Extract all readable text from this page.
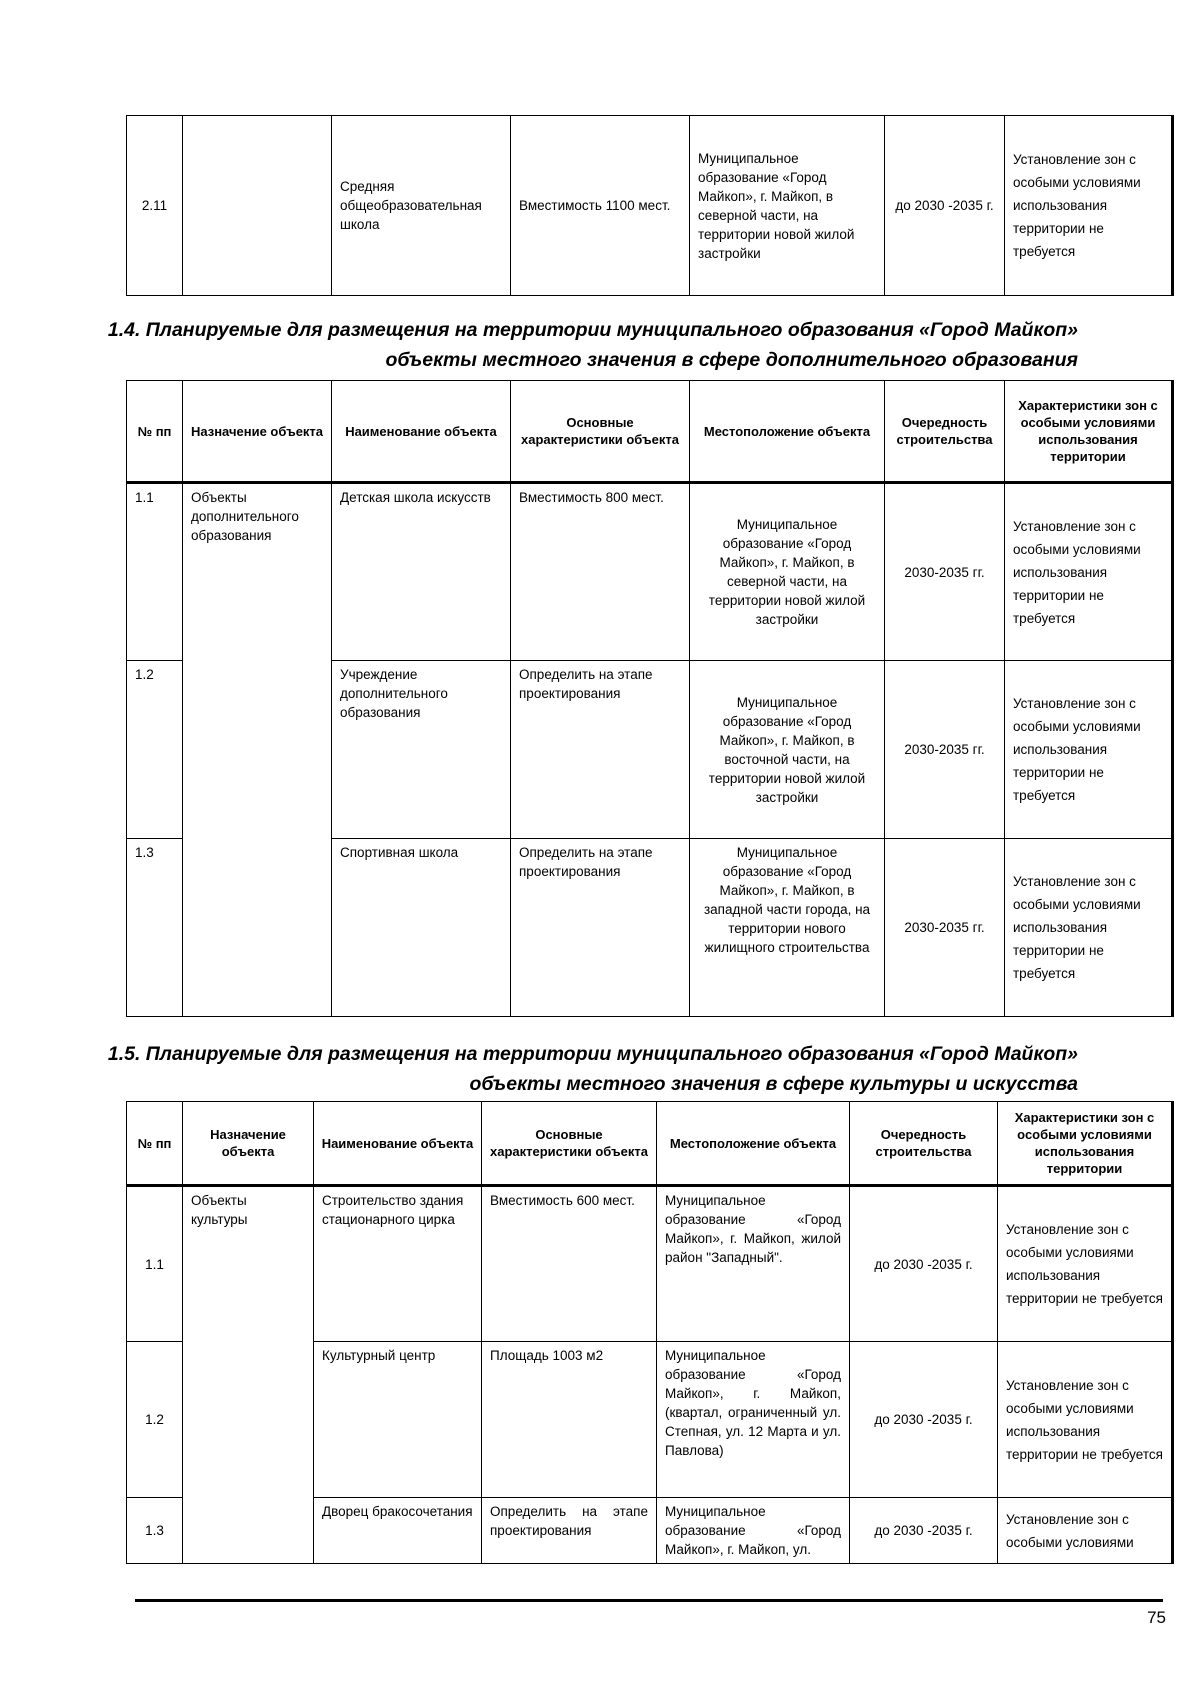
2.11		Средняя общеобразовательная школа	Вместимость 1100 мест.	Муниципальное образование «Город Майкоп», г. Майкоп, в северной части, на территории новой жилой застройки	до 2030 -2035 г.	Установление зон с особыми условиями использования территории не требуется
1.4. Планируемые для размещения на территории муниципального образования «Город Майкоп»
объекты местного значения в сфере дополнительного образования
№ пп	Назначение объекта	Наименование объекта	Основные характеристики объекта	Местоположение объекта	Очередность строительства	Характеристики зон с особыми условиями использования территории
1.1	Объекты дополнительного образования	Детская школа искусств	Вместимость 800 мест.	Муниципальное образование «Город Майкоп», г. Майкоп, в северной части, на территории новой жилой застройки	2030-2035 гг.	Установление зон с особыми условиями использования территории не требуется
1.2		Учреждение дополнительного образования	Определить на этапе проектирования	Муниципальное образование «Город Майкоп», г. Майкоп, в восточной части, на территории новой жилой застройки	2030-2035 гг.	Установление зон с особыми условиями использования территории не требуется
1.3		Спортивная школа	Определить на этапе проектирования	Муниципальное образование «Город Майкоп», г. Майкоп, в западной части города, на территории нового жилищного строительства	2030-2035 гг.	Установление зон с особыми условиями использования территории не требуется
1.5. Планируемые для размещения на территории муниципального образования «Город Майкоп»
объекты местного значения в сфере культуры и искусства
№ пп	Назначение объекта	Наименование объекта	Основные характеристики объекта	Местоположение объекта	Очередность строительства	Характеристики зон с особыми условиями использования территории
1.1	Объекты культуры	Строительство здания стационарного цирка	Вместимость 600 мест.	Муниципальное образование «Город Майкоп», г. Майкоп, жилой район "Западный".	до 2030 -2035 г.	Установление зон с особыми условиями использования территории не требуется
1.2		Культурный центр	Площадь 1003 м2	Муниципальное образование «Город Майкоп», г. Майкоп, (квартал, ограниченный ул. Степная, ул. 12 Марта и ул. Павлова)	до 2030 -2035 г.	Установление зон с особыми условиями использования территории не требуется
1.3		Дворец бракосочетания	Определить на этапе проектирования	Муниципальное образование «Город Майкоп», г. Майкоп, ул.	до 2030 -2035 г.	Установление зон с особыми условиями
75
